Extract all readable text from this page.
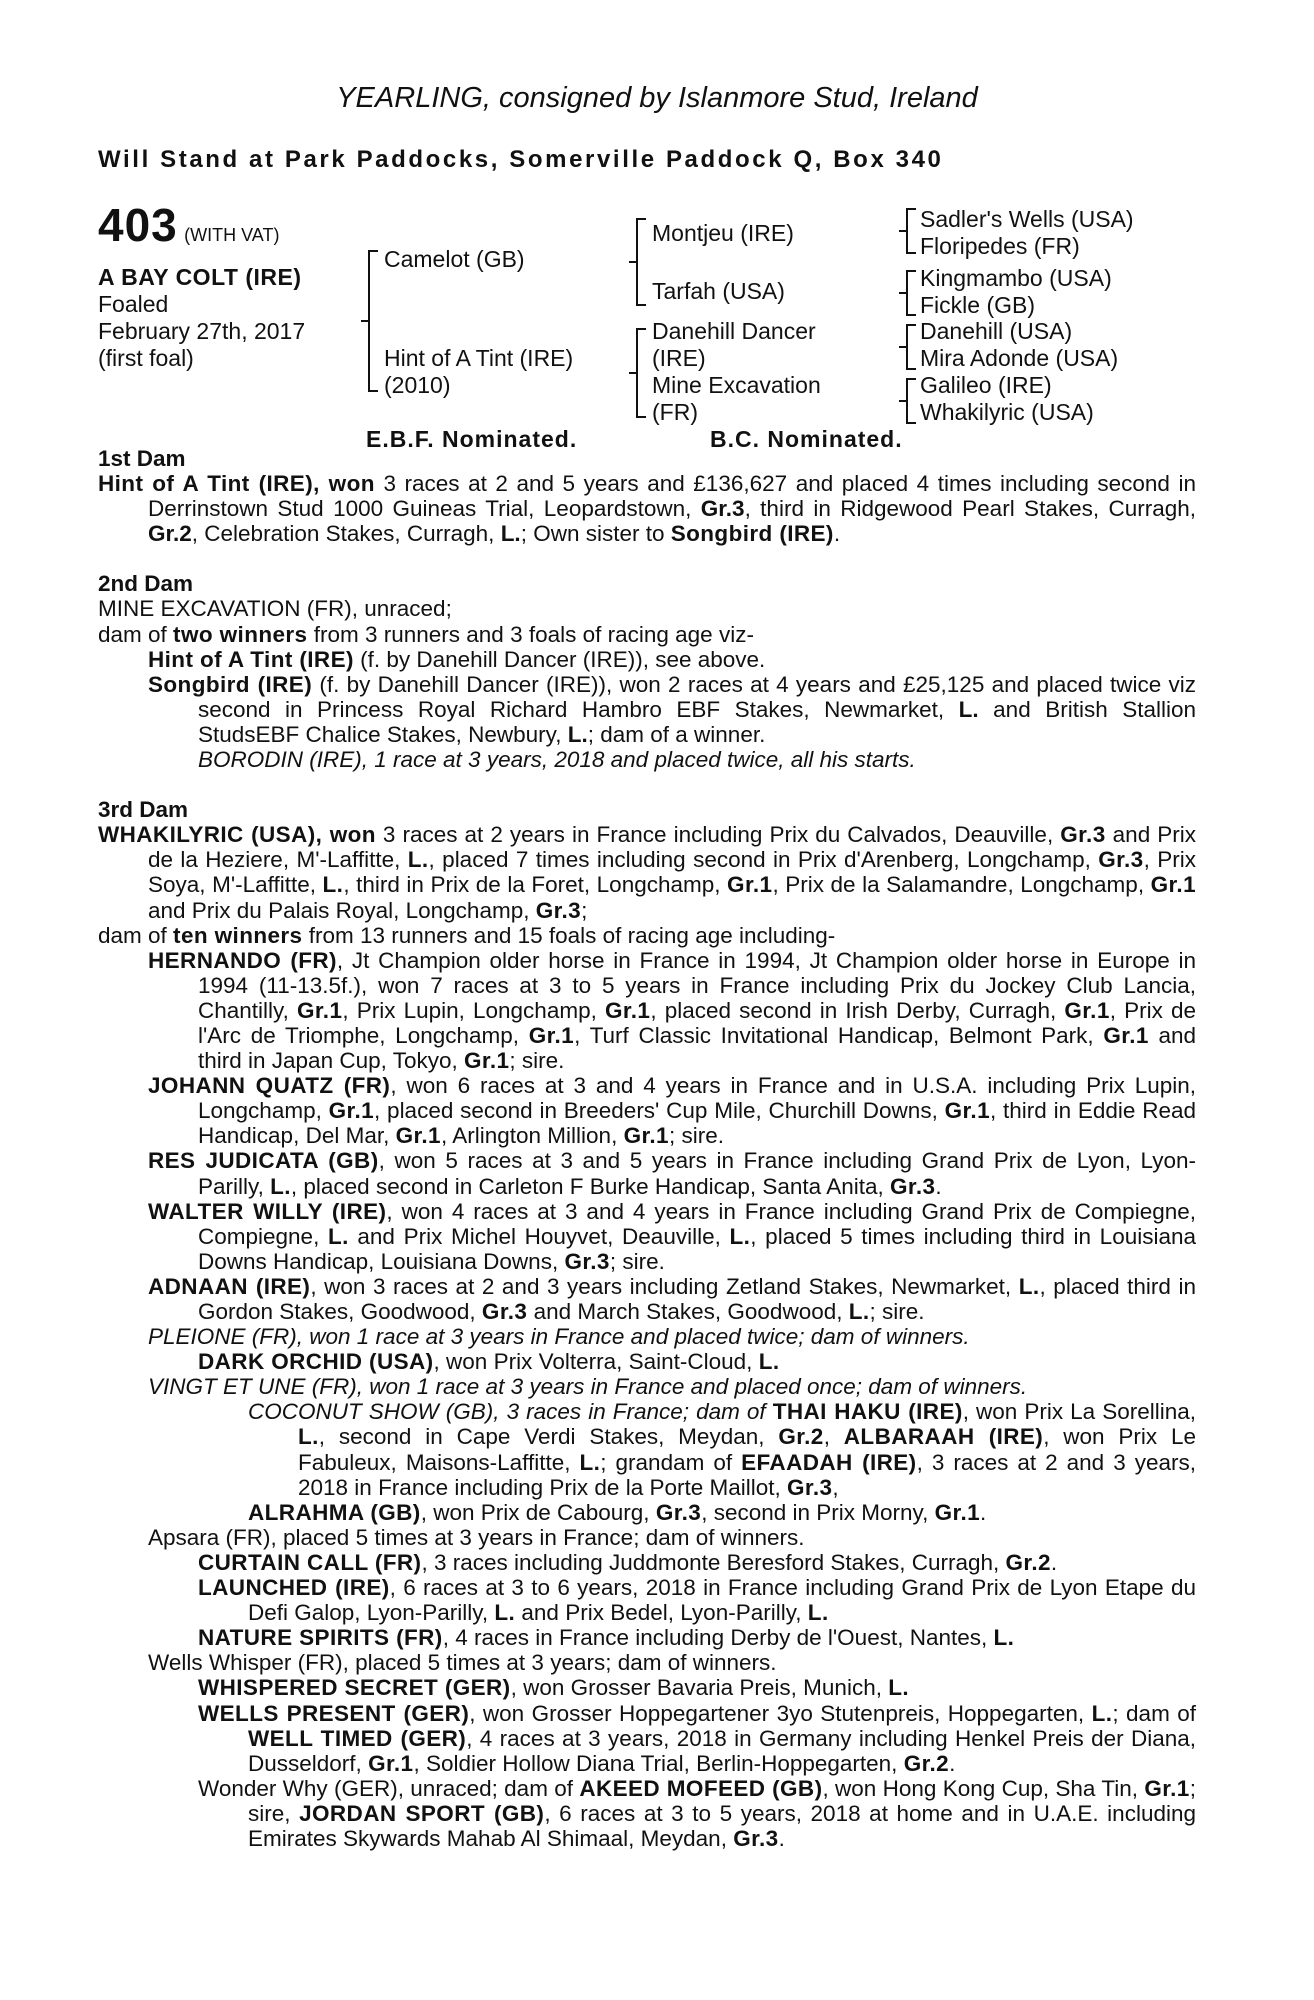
YEARLING, consigned by Islanmore Stud, Ireland
Will Stand at Park Paddocks, Somerville Paddock Q, Box 340
403 (WITH VAT)
A BAY COLT (IRE)
Foaled
February 27th, 2017
(first foal)
Camelot (GB)
Hint of A Tint (IRE)
(2010)
Montjeu (IRE)
Tarfah (USA)
Danehill Dancer
(IRE)
Mine Excavation
(FR)
Sadler's Wells (USA)
Floripedes (FR)
Kingmambo (USA)
Fickle (GB)
Danehill (USA)
Mira Adonde (USA)
Galileo (IRE)
Whakilyric (USA)
E.B.F. Nominated.	B.C. Nominated.
1st Dam
Hint of A Tint (IRE), won 3 races at 2 and 5 years and £136,627 and placed 4 times including second in Derrinstown Stud 1000 Guineas Trial, Leopardstown, Gr.3, third in Ridgewood Pearl Stakes, Curragh, Gr.2, Celebration Stakes, Curragh, L.; Own sister to Songbird (IRE).
2nd Dam
MINE EXCAVATION (FR), unraced;
dam of two winners from 3 runners and 3 foals of racing age viz-
Hint of A Tint (IRE) (f. by Danehill Dancer (IRE)), see above.
Songbird (IRE) (f. by Danehill Dancer (IRE)), won 2 races at 4 years and £25,125 and placed twice viz second in Princess Royal Richard Hambro EBF Stakes, Newmarket, L. and British Stallion StudsEBF Chalice Stakes, Newbury, L.; dam of a winner.
BORODIN (IRE), 1 race at 3 years, 2018 and placed twice, all his starts.
3rd Dam
WHAKILYRIC (USA), won 3 races at 2 years in France including Prix du Calvados, Deauville, Gr.3 and Prix de la Heziere, M'-Laffitte, L., placed 7 times including second in Prix d'Arenberg, Longchamp, Gr.3, Prix Soya, M'-Laffitte, L., third in Prix de la Foret, Longchamp, Gr.1, Prix de la Salamandre, Longchamp, Gr.1 and Prix du Palais Royal, Longchamp, Gr.3;
dam of ten winners from 13 runners and 15 foals of racing age including-
HERNANDO (FR), Jt Champion older horse in France in 1994, Jt Champion older horse in Europe in 1994 (11-13.5f.), won 7 races at 3 to 5 years in France including Prix du Jockey Club Lancia, Chantilly, Gr.1, Prix Lupin, Longchamp, Gr.1, placed second in Irish Derby, Curragh, Gr.1, Prix de l'Arc de Triomphe, Longchamp, Gr.1, Turf Classic Invitational Handicap, Belmont Park, Gr.1 and third in Japan Cup, Tokyo, Gr.1; sire.
JOHANN QUATZ (FR), won 6 races at 3 and 4 years in France and in U.S.A. including Prix Lupin, Longchamp, Gr.1, placed second in Breeders' Cup Mile, Churchill Downs, Gr.1, third in Eddie Read Handicap, Del Mar, Gr.1, Arlington Million, Gr.1; sire.
RES JUDICATA (GB), won 5 races at 3 and 5 years in France including Grand Prix de Lyon, Lyon-Parilly, L., placed second in Carleton F Burke Handicap, Santa Anita, Gr.3.
WALTER WILLY (IRE), won 4 races at 3 and 4 years in France including Grand Prix de Compiegne, Compiegne, L. and Prix Michel Houyvet, Deauville, L., placed 5 times including third in Louisiana Downs Handicap, Louisiana Downs, Gr.3; sire.
ADNAAN (IRE), won 3 races at 2 and 3 years including Zetland Stakes, Newmarket, L., placed third in Gordon Stakes, Goodwood, Gr.3 and March Stakes, Goodwood, L.; sire.
PLEIONE (FR), won 1 race at 3 years in France and placed twice; dam of winners.
DARK ORCHID (USA), won Prix Volterra, Saint-Cloud, L.
VINGT ET UNE (FR), won 1 race at 3 years in France and placed once; dam of winners.
COCONUT SHOW (GB), 3 races in France; dam of THAI HAKU (IRE), won Prix La Sorellina, L., second in Cape Verdi Stakes, Meydan, Gr.2, ALBARAAH (IRE), won Prix Le Fabuleux, Maisons-Laffitte, L.; grandam of EFAADAH (IRE), 3 races at 2 and 3 years, 2018 in France including Prix de la Porte Maillot, Gr.3,
ALRAHMA (GB), won Prix de Cabourg, Gr.3, second in Prix Morny, Gr.1.
Apsara (FR), placed 5 times at 3 years in France; dam of winners.
CURTAIN CALL (FR), 3 races including Juddmonte Beresford Stakes, Curragh, Gr.2.
LAUNCHED (IRE), 6 races at 3 to 6 years, 2018 in France including Grand Prix de Lyon Etape du Defi Galop, Lyon-Parilly, L. and Prix Bedel, Lyon-Parilly, L.
NATURE SPIRITS (FR), 4 races in France including Derby de l'Ouest, Nantes, L.
Wells Whisper (FR), placed 5 times at 3 years; dam of winners.
WHISPERED SECRET (GER), won Grosser Bavaria Preis, Munich, L.
WELLS PRESENT (GER), won Grosser Hoppegartener 3yo Stutenpreis, Hoppegarten, L.; dam of WELL TIMED (GER), 4 races at 3 years, 2018 in Germany including Henkel Preis der Diana, Dusseldorf, Gr.1, Soldier Hollow Diana Trial, Berlin-Hoppegarten, Gr.2.
Wonder Why (GER), unraced; dam of AKEED MOFEED (GB), won Hong Kong Cup, Sha Tin, Gr.1; sire, JORDAN SPORT (GB), 6 races at 3 to 5 years, 2018 at home and in U.A.E. including Emirates Skywards Mahab Al Shimaal, Meydan, Gr.3.
